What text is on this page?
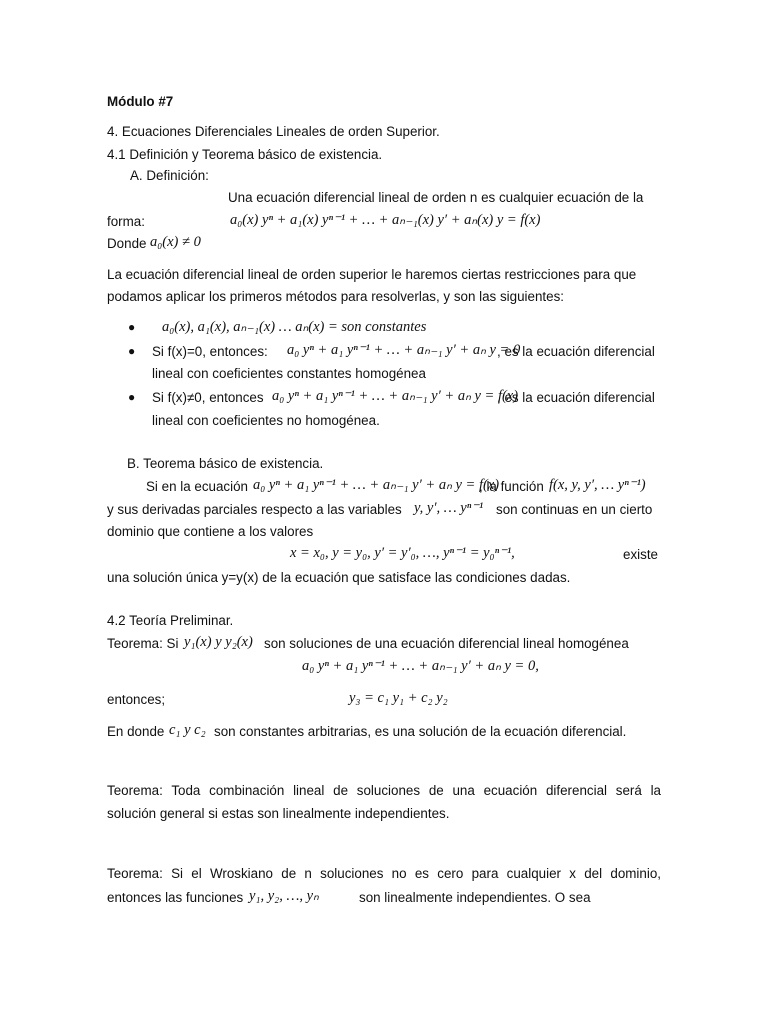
Módulo #7
4. Ecuaciones Diferenciales Lineales de orden Superior.
4.1 Definición y Teorema básico de existencia.
A. Definición:
Una ecuación diferencial lineal de orden n es cualquier ecuación de la
forma:	a₀(x) yⁿ + a₁(x) yⁿ⁻¹ + … + aₙ₋₁(x) y′ + aₙ(x) y = f(x)
Donde a₀(x) ≠ 0
La ecuación diferencial lineal de orden superior le haremos ciertas restricciones para que
podamos aplicar los primeros métodos para resolverlas, y son las siguientes:
● a₀(x), a₁(x), aₙ₋₁(x) … aₙ(x) = son constantes
● Si f(x)=0, entonces: a₀ yⁿ + a₁ yⁿ⁻¹ + … + aₙ₋₁ y′ + aₙ y = 0
, es la ecuación diferencial
lineal con coeficientes constantes homogénea
● Si f(x)≠0, entonces a₀ yⁿ + a₁ yⁿ⁻¹ + … + aₙ₋₁ y′ + aₙ y = f(x)
, es la ecuación diferencial
lineal con coeficientes no homogénea.
B. Teorema básico de existencia.
Si en la ecuación a₀ yⁿ + a₁ yⁿ⁻¹ + … + aₙ₋₁ y′ + aₙ y = f(x)
, la función f(x, y, y′, … yⁿ⁻¹)
y sus derivadas parciales respecto a las variables y, y′, … yⁿ⁻¹ son continuas en un cierto
dominio que contiene a los valores
x = x₀, y = y₀, y′ = y′₀, …, yⁿ⁻¹ = y₀ⁿ⁻¹,	existe
una solución única y=y(x) de la ecuación que satisface las condiciones dadas.
4.2 Teoría Preliminar.
Teorema: Si y₁(x) y y₂(x) son soluciones de una ecuación diferencial lineal homogénea
a₀ yⁿ + a₁ yⁿ⁻¹ + … + aₙ₋₁ y′ + aₙ y = 0,
entonces;	y₃ = c₁ y₁ + c₂ y₂
En donde c₁ y c₂ son constantes arbitrarias, es una solución de la ecuación diferencial.
Teorema: Toda combinación lineal de soluciones de una ecuación diferencial será la
solución general si estas son linealmente independientes.
Teorema: Si el Wroskiano de n soluciones no es cero para cualquier x del dominio,
entonces las funciones y₁, y₂, …, yₙ	son linealmente independientes. O sea
